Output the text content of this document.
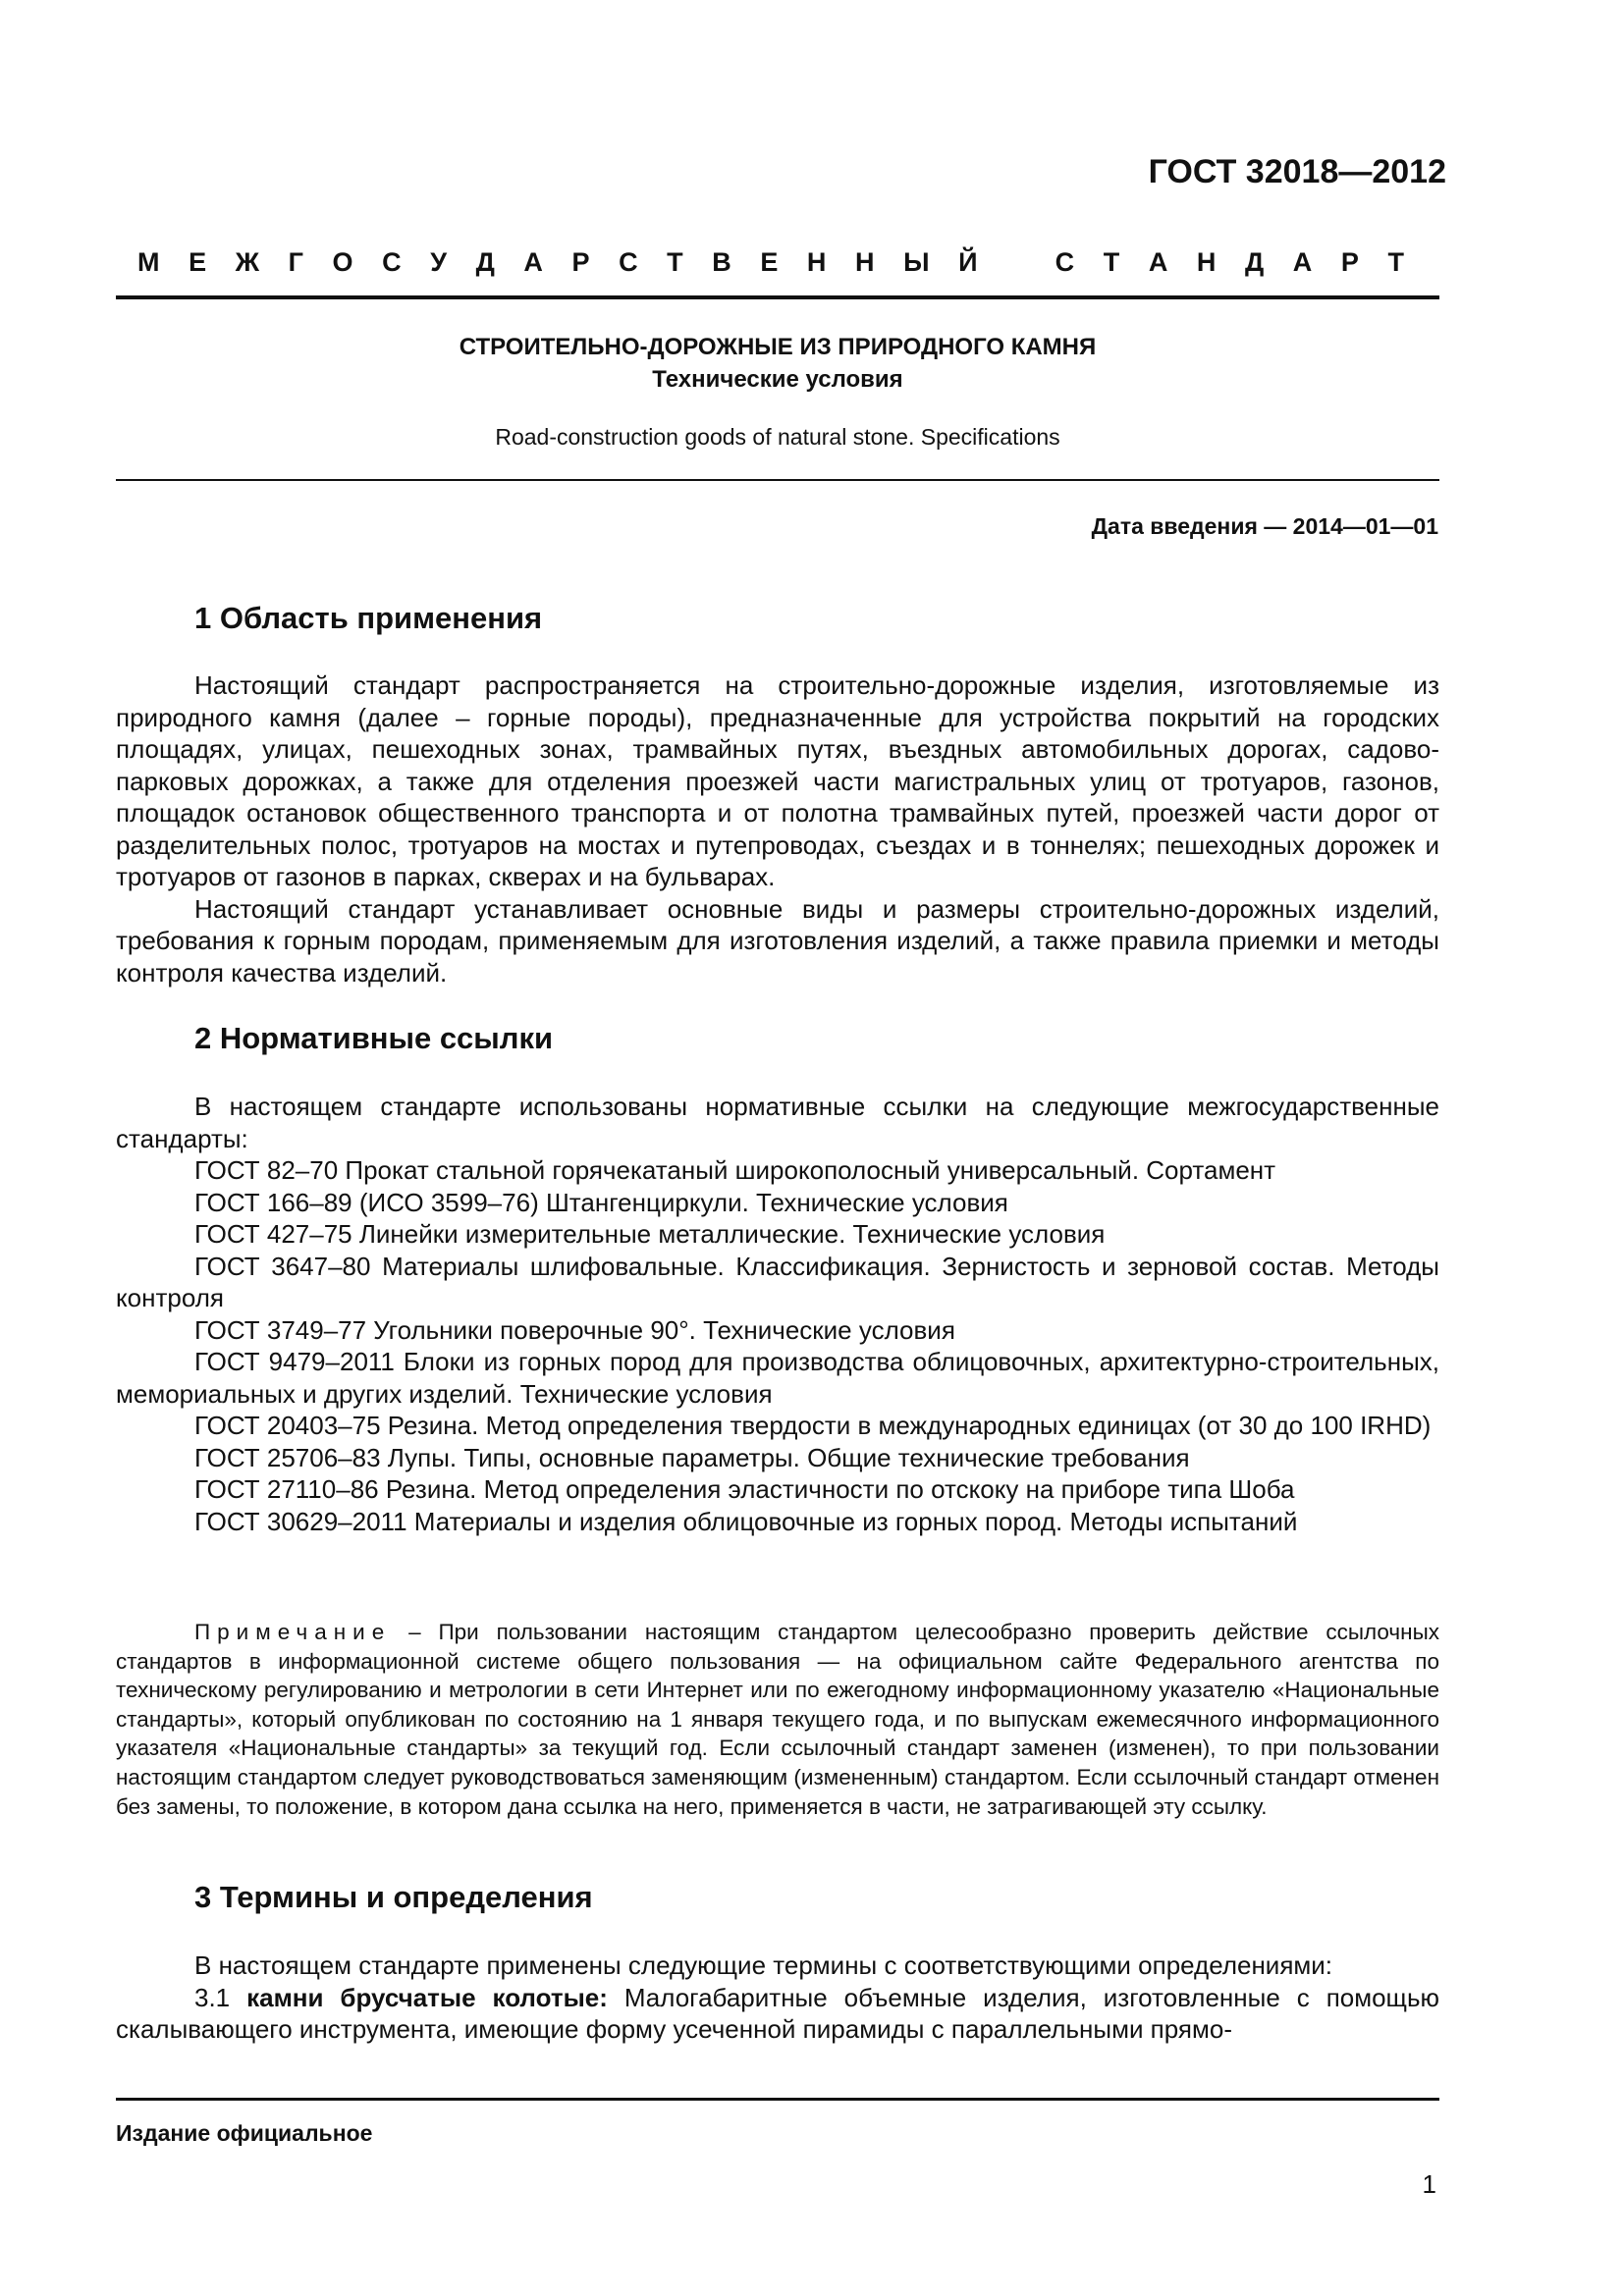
ГОСТ 32018—2012
М Е Ж Г О С У Д А Р С Т В Е Н Н Ы Й	С Т А Н Д А Р Т
СТРОИТЕЛЬНО-ДОРОЖНЫЕ ИЗ ПРИРОДНОГО КАМНЯ
Технические условия
Road-construction goods of natural stone. Specifications
Дата введения — 2014—01—01
1 Область применения

Настоящий стандарт распространяется на строительно-дорожные изделия, изготовляемые из природного камня (далее – горные породы), предназначенные для устройства покрытий на городских площадях, улицах, пешеходных зонах, трамвайных путях, въездных автомобильных дорогах, садово-парковых дорожках, а также для отделения проезжей части магистральных улиц от тротуаров, газонов, площадок остановок общественного транспорта и от полотна трамвайных путей, проезжей части дорог от разделительных полос, тротуаров на мостах и путепроводах, съездах и в тоннелях; пешеходных дорожек и тротуаров от газонов в парках, скверах и на бульварах.

Настоящий стандарт устанавливает основные виды и размеры строительно-дорожных изделий, требования к горным породам, применяемым для изготовления изделий, а также правила приемки и методы контроля качества изделий.

2 Нормативные ссылки

В настоящем стандарте использованы нормативные ссылки на следующие межгосударственные стандарты:

ГОСТ 82–70 Прокат стальной горячекатаный широкополосный универсальный. Сортамент

ГОСТ 166–89 (ИСО 3599–76) Штангенциркули. Технические условия

ГОСТ 427–75 Линейки измерительные металлические. Технические условия

ГОСТ 3647–80 Материалы шлифовальные. Классификация. Зернистость и зерновой состав. Методы контроля

ГОСТ 3749–77 Угольники поверочные 90°. Технические условия

ГОСТ 9479–2011 Блоки из горных пород для производства облицовочных, архитектурно-строительных, мемориальных и других изделий. Технические условия

ГОСТ 20403–75 Резина. Метод определения твердости в международных единицах (от 30 до 100 IRHD)

ГОСТ 25706–83 Лупы. Типы, основные параметры. Общие технические требования

ГОСТ 27110–86 Резина. Метод определения эластичности по отскоку на приборе типа Шоба

ГОСТ 30629–2011 Материалы и изделия облицовочные из горных пород. Методы испытаний

Примечание – При пользовании настоящим стандартом целесообразно проверить действие ссылочных стандартов в информационной системе общего пользования — на официальном сайте Федерального агентства по техническому регулированию и метрологии в сети Интернет или по ежегодному информационному указателю «Национальные стандарты», который опубликован по состоянию на 1 января текущего года, и по выпускам ежемесячного информационного указателя «Национальные стандарты» за текущий год. Если ссылочный стандарт заменен (изменен), то при пользовании настоящим стандартом следует руководствоваться заменяющим (измененным) стандартом. Если ссылочный стандарт отменен без замены, то положение, в котором дана ссылка на него, применяется в части, не затрагивающей эту ссылку.

3 Термины и определения

В настоящем стандарте применены следующие термины с соответствующими определениями:

3.1 камни брусчатые колотые: Малогабаритные объемные изделия, изготовленные с помощью скалывающего инструмента, имеющие форму усеченной пирамиды с параллельными прямо-

Издание официальное
1
